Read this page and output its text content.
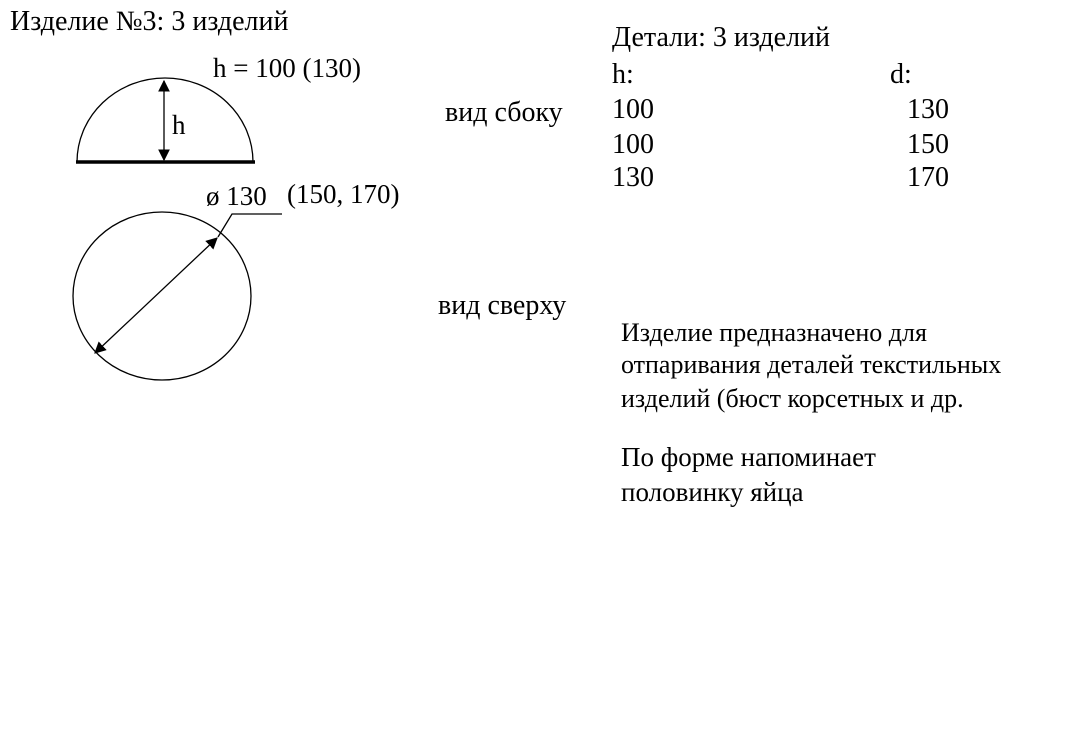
Изделие №3: 3 изделий
h = 100 (130)
h	вид сбоку
ø 130 (150, 170)
вид сверху
Детали: 3 изделий
h:	d:
100	130
100	150
130	170
Изделие предназначено для
отпаривания деталей текстильных
изделий (бюст корсетных и др.
По форме напоминает
половинку яйца
